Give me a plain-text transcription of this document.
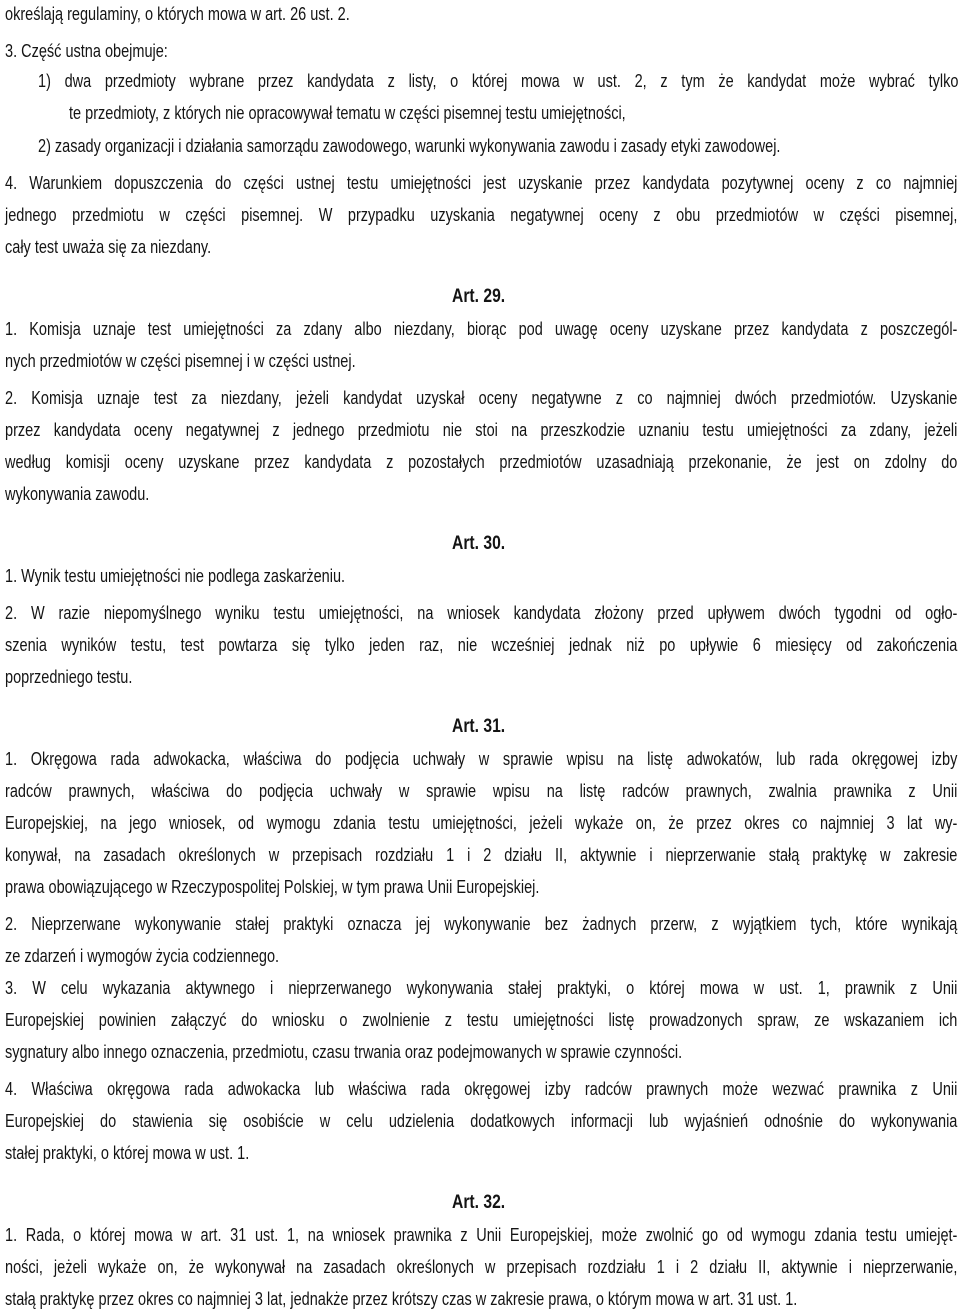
określają regulaminy, o których mowa w art. 26 ust. 2.
3. Część ustna obejmuje:
1) dwa przedmioty wybrane przez kandydata z listy, o której mowa w ust. 2, z tym że kandydat może wybrać tylko
te przedmioty, z których nie opracowywał tematu w części pisemnej testu umiejętności,
2) zasady organizacji i działania samorządu zawodowego, warunki wykonywania zawodu i zasady etyki zawodowej.
4. Warunkiem dopuszczenia do części ustnej testu umiejętności jest uzyskanie przez kandydata pozytywnej oceny z co najmniej
jednego przedmiotu w części pisemnej. W przypadku uzyskania negatywnej oceny z obu przedmiotów w części pisemnej,
cały test uważa się za niezdany.
Art. 29.
1. Komisja uznaje test umiejętności za zdany albo niezdany, biorąc pod uwagę oceny uzyskane przez kandydata z poszczegól-
nych przedmiotów w części pisemnej i w części ustnej.
2. Komisja uznaje test za niezdany, jeżeli kandydat uzyskał oceny negatywne z co najmniej dwóch przedmiotów. Uzyskanie
przez kandydata oceny negatywnej z jednego przedmiotu nie stoi na przeszkodzie uznaniu testu umiejętności za zdany, jeżeli
według komisji oceny uzyskane przez kandydata z pozostałych przedmiotów uzasadniają przekonanie, że jest on zdolny do
wykonywania zawodu.
Art. 30.
1. Wynik testu umiejętności nie podlega zaskarżeniu.
2. W razie niepomyślnego wyniku testu umiejętności, na wniosek kandydata złożony przed upływem dwóch tygodni od ogło-
szenia wyników testu, test powtarza się tylko jeden raz, nie wcześniej jednak niż po upływie 6 miesięcy od zakończenia
poprzedniego testu.
Art. 31.
1. Okręgowa rada adwokacka, właściwa do podjęcia uchwały w sprawie wpisu na listę adwokatów, lub rada okręgowej izby
radców prawnych, właściwa do podjęcia uchwały w sprawie wpisu na listę radców prawnych, zwalnia prawnika z Unii
Europejskiej, na jego wniosek, od wymogu zdania testu umiejętności, jeżeli wykaże on, że przez okres co najmniej 3 lat wy-
konywał, na zasadach określonych w przepisach rozdziału 1 i 2 działu II, aktywnie i nieprzerwanie stałą praktykę w zakresie
prawa obowiązującego w Rzeczypospolitej Polskiej, w tym prawa Unii Europejskiej.
2. Nieprzerwane wykonywanie stałej praktyki oznacza jej wykonywanie bez żadnych przerw, z wyjątkiem tych, które wynikają
ze zdarzeń i wymogów życia codziennego.
3. W celu wykazania aktywnego i nieprzerwanego wykonywania stałej praktyki, o której mowa w ust. 1, prawnik z Unii
Europejskiej powinien załączyć do wniosku o zwolnienie z testu umiejętności listę prowadzonych spraw, ze wskazaniem ich
sygnatury albo innego oznaczenia, przedmiotu, czasu trwania oraz podejmowanych w sprawie czynności.
4. Właściwa okręgowa rada adwokacka lub właściwa rada okręgowej izby radców prawnych może wezwać prawnika z Unii
Europejskiej do stawienia się osobiście w celu udzielenia dodatkowych informacji lub wyjaśnień odnośnie do wykonywania
stałej praktyki, o której mowa w ust. 1.
Art. 32.
1. Rada, o której mowa w art. 31 ust. 1, na wniosek prawnika z Unii Europejskiej, może zwolnić go od wymogu zdania testu umiejęt-
ności, jeżeli wykaże on, że wykonywał na zasadach określonych w przepisach rozdziału 1 i 2 działu II, aktywnie i nieprzerwanie,
stałą praktykę przez okres co najmniej 3 lat, jednakże przez krótszy czas w zakresie prawa, o którym mowa w art. 31 ust. 1.
